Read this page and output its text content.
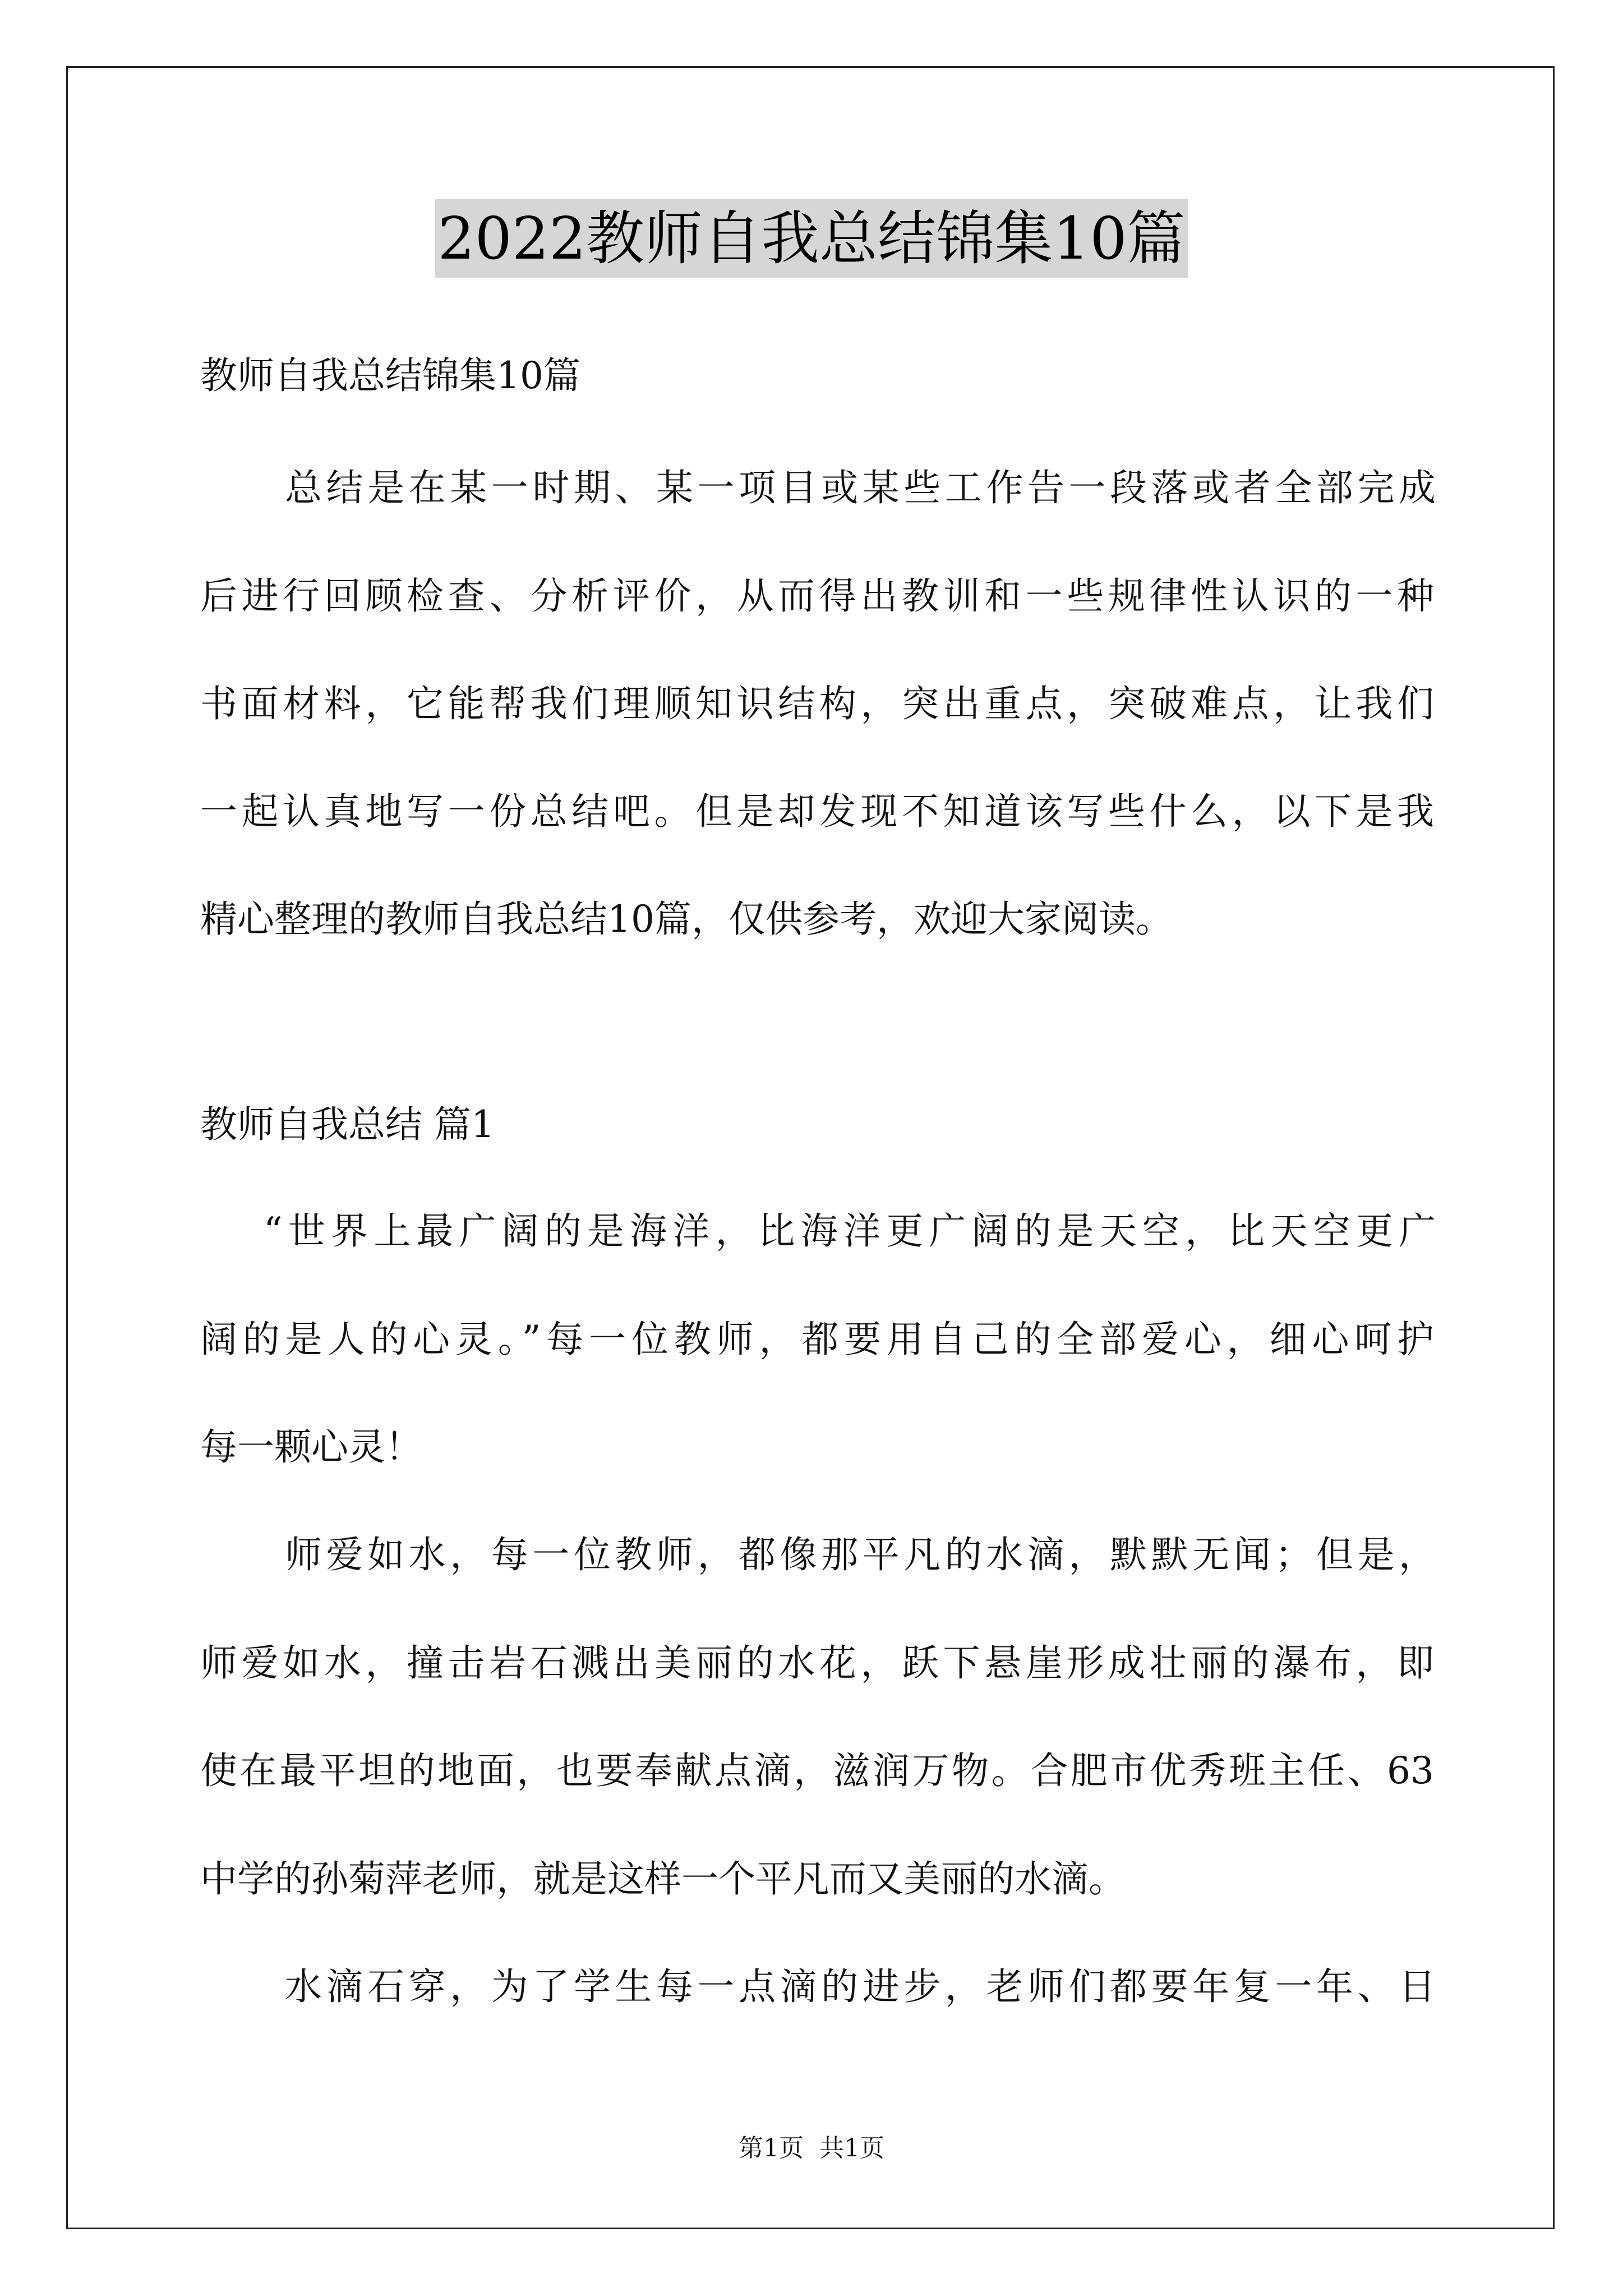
2022教师自我总结锦集10篇
教师自我总结锦集10篇
总结是在某一时期、某一项目或某些工作告一段落或者全部完成
后进行回顾检查、分析评价，从而得出教训和一些规律性认识的一种
书面材料，它能帮我们理顺知识结构，突出重点，突破难点，让我们
一起认真地写一份总结吧。但是却发现不知道该写些什么，以下是我
精心整理的教师自我总结10篇，仅供参考，欢迎大家阅读。
教师自我总结 篇1
“世界上最广阔的是海洋，比海洋更广阔的是天空，比天空更广
阔的是人的心灵。”每一位教师，都要用自己的全部爱心，细心呵护
每一颗心灵！
师爱如水，每一位教师，都像那平凡的水滴，默默无闻；但是，
师爱如水，撞击岩石溅出美丽的水花，跃下悬崖形成壮丽的瀑布，即
使在最平坦的地面，也要奉献点滴，滋润万物。合肥市优秀班主任、63
中学的孙菊萍老师，就是这样一个平凡而又美丽的水滴。
水滴石穿，为了学生每一点滴的进步，老师们都要年复一年、日
第1页 共1页
